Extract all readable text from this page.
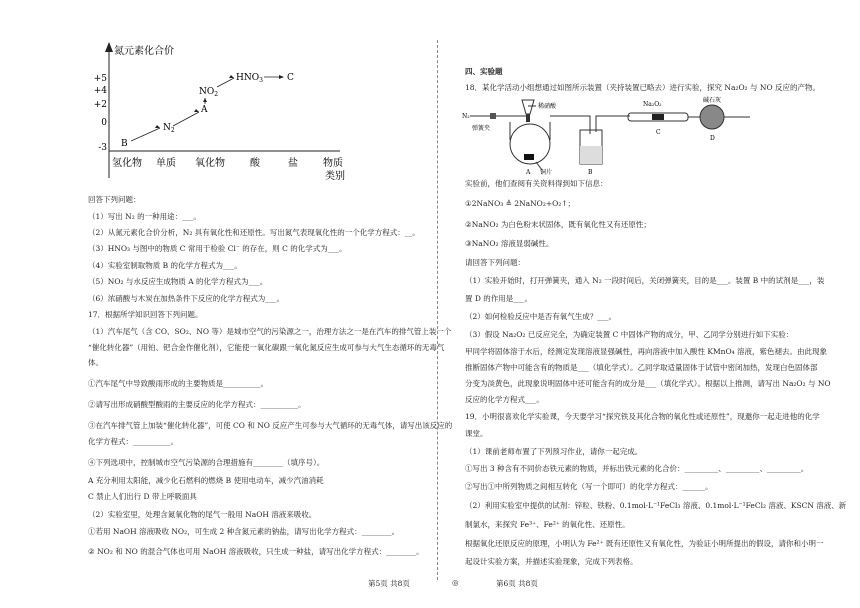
氮元素化合价
+5
+4
+2
0
-3
氢化物 单质 氧化物	酸	盐	物质
类别
B
$N_2$
A
$NO_2$
$HNO_3$	C
回答下列问题：
（1）写出 N₂ 的一种用途：___。
（2）从氮元素化合价分析，N₂ 具有氧化性和还原性。写出氮气表现氧化性的一个化学方程式：__。
（3）HNO₃ 与图中的物质 C 常用于检验 Cl⁻ 的存在，则 C 的化学式为___。
（4）实验室制取物质 B 的化学方程式为___。
（5）NO₂ 与水反应生成物质 A 的化学方程式为___。
（6）浓硝酸与木炭在加热条件下反应的化学方程式为___。
17．根据所学知识回答下列问题。
（1）汽车尾气（含 CO、SO₂、NO 等）是城市空气的污染源之一，治理方法之一是在汽车的排气管上装一个
“催化转化器”（用铂、钯合金作催化剂），它能使一氧化碳跟一氧化氮反应生成可参与大气生态循环的无毒气
体。
①汽车尾气中导致酸雨形成的主要物质是__________。
②请写出形成硝酸型酸雨的主要反应的化学方程式：__________。
③在汽车排气管上加装“催化转化器”，可使 CO 和 NO 反应产生可参与大气循环的无毒气体，请写出该反应的
化学方程式：__________。
④下列选项中，控制城市空气污染源的合理措施有________（填序号）。
A 充分利用太阳能，减少化石燃料的燃烧 B 使用电动车，减少汽油消耗
C 禁止人们出行 D 带上呼吸面具
（2）实验室里，处理含氮氧化物的尾气一般用 NaOH 溶液来吸收。
①若用 NaOH 溶液吸收 NO₂，可生成 2 种含氮元素的钠盐，请写出化学方程式：________。
② NO₂ 和 NO 的混合气体也可用 NaOH 溶液吸收，只生成一种盐，请写出化学方程式：________。
四、实验题
18．某化学活动小组想通过如图所示装置（夹持装置已略去）进行实验，探究 Na₂O₂ 与 NO 反应的产物。
N₂
弹簧夹
稀硝酸
铜片
A	B
Na₂O₂
C
碱石灰
D
实验前，他们查阅有关资料得到如下信息：
①2NaNO₃ ≜ 2NaNO₂+O₂↑；
②NaNO₂ 为白色粉末状固体，既有氧化性又有还原性；
③NaNO₂ 溶液显弱碱性。
请回答下列问题：
（1）实验开始时，打开弹簧夹，通入 N₂ 一段时间后，关闭弹簧夹，目的是___。装置 B 中的试剂是___，装
置 D 的作用是___。
（2）如何检验反应中是否有氧气生成？___。
（3）假设 Na₂O₂ 已反应完全，为确定装置 C 中固体产物的成分，甲、乙同学分别进行如下实验：
甲同学将固体溶于水后，经测定发现溶液显强碱性，再向溶液中加入酸性 KMnO₄ 溶液，紫色褪去。由此现象
推断固体产物中可能含有的物质是___（填化学式）。乙同学取适量固体于试管中密闭加热，发现白色固体部
分变为淡黄色，此现象说明固体中还可能含有的成分是___（填化学式）。根据以上推测，请写出 Na₂O₂ 与 NO
反应的化学方程式___。
19．小明很喜欢化学实验课，今天要学习“探究铁及其化合物的氧化性或还原性”，现邀你一起走进他的化学
课堂。
（1）课前老师布置了下列预习作业，请你一起完成。
①写出 3 种含有不同价态铁元素的物质，并标出铁元素的化合价：_________、_________、_________。
②写出①中所列物质之间相互转化（写一个即可）的化学方程式：______。
（2）利用实验室中提供的试剂：锌粒、铁粉、0.1mol·L⁻¹FeCl₃ 溶液、0.1mol·L⁻¹FeCl₂ 溶液、KSCN 溶液、新
制氯水，来探究 Fe³⁺、Fe²⁺ 的氧化性、还原性。
根据氧化还原反应的原理，小明认为 Fe²⁺ 既有还原性又有氧化性，为验证小明所提出的假设，请你和小明一
起设计实验方案，并描述实验现象，完成下列表格。
第5页 共8页	◎	第6页 共8页
